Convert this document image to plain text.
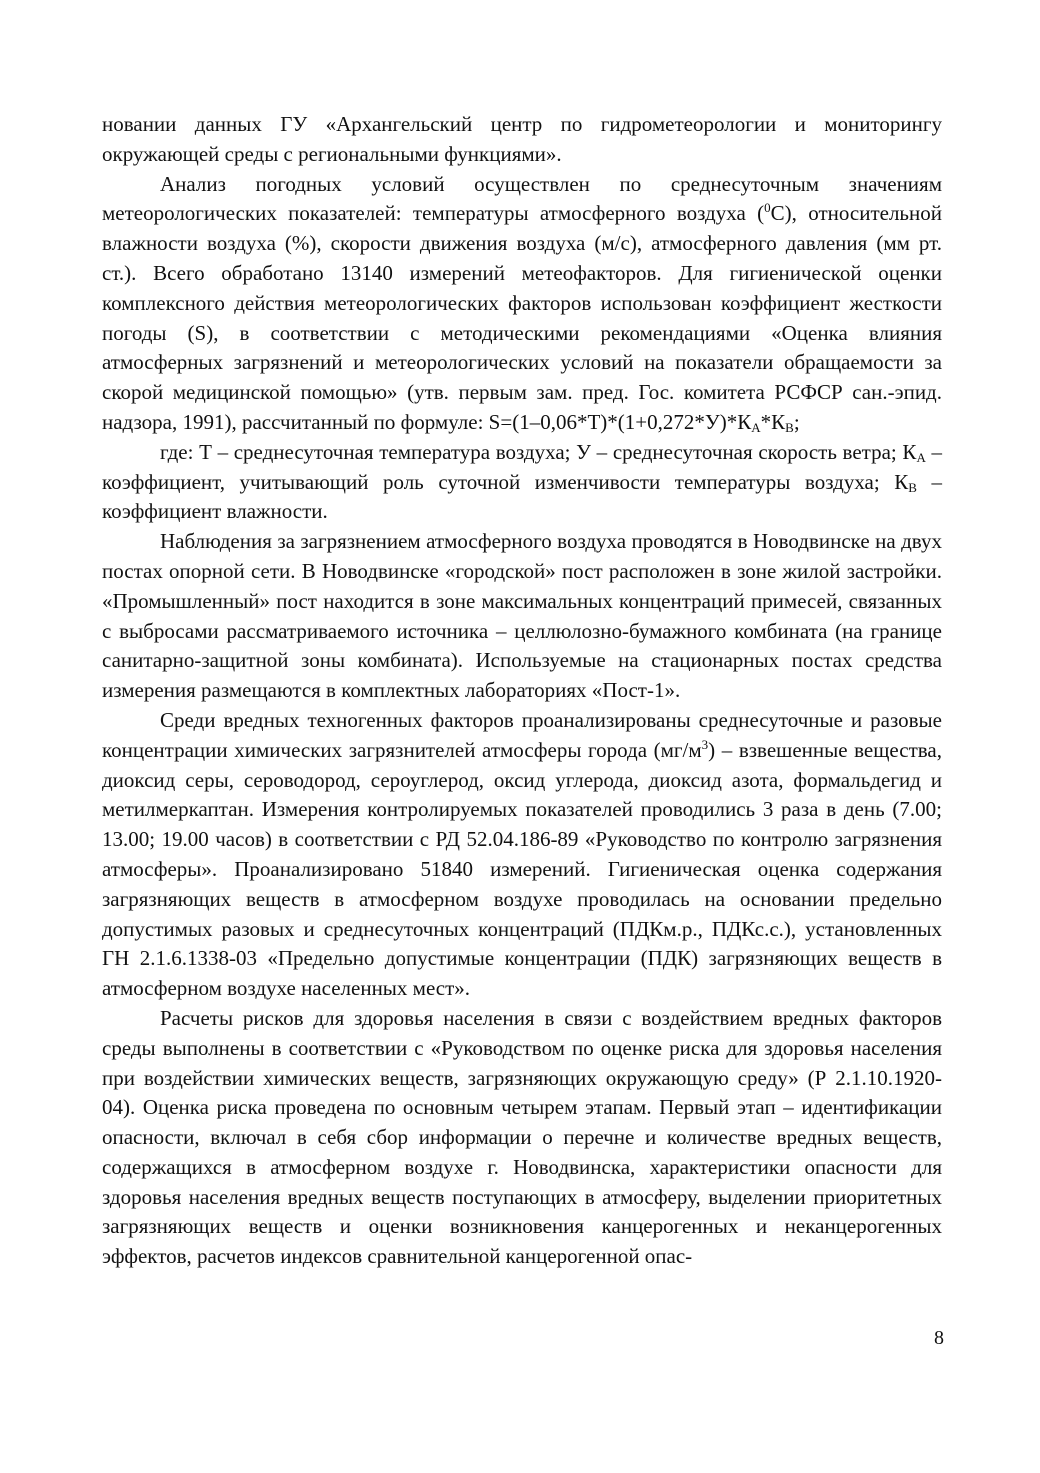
новании данных ГУ «Архангельский центр по гидрометеорологии и мониторингу окружающей среды с региональными функциями».

Анализ погодных условий осуществлен по среднесуточным значениям метеорологических показателей: температуры атмосферного воздуха ($^0$С), относительной влажности воздуха (%), скорости движения воздуха (м/с), атмосферного давления (мм рт. ст.). Всего обработано 13140 измерений метеофакторов. Для гигиенической оценки комплексного действия метеорологических факторов использован коэффициент жесткости погоды (S), в соответствии с методическими рекомендациями «Оценка влияния атмосферных загрязнений и метеорологических условий на показатели обращаемости за скорой медицинской помощью» (утв. первым зам. пред. Гос. комитета РСФСР сан.-эпид. надзора, 1991), рассчитанный по формуле: $S=(1-0,06*Т)*(1+0,272*У)*К_А*К_В$;

где: Т – среднесуточная температура воздуха; У – среднесуточная скорость ветра; $К_А$ – коэффициент, учитывающий роль суточной изменчивости температуры воздуха; $К_В$ – коэффициент влажности.

Наблюдения за загрязнением атмосферного воздуха проводятся в Новодвинске на двух постах опорной сети. В Новодвинске «городской» пост расположен в зоне жилой застройки. «Промышленный» пост находится в зоне максимальных концентраций примесей, связанных с выбросами рассматриваемого источника – целлюлозно-бумажного комбината (на границе санитарно-защитной зоны комбината). Используемые на стационарных постах средства измерения размещаются в комплектных лабораториях «Пост-1».

Среди вредных техногенных факторов проанализированы среднесуточные и разовые концентрации химических загрязнителей атмосферы города $(мг/м^3)$ – взвешенные вещества, диоксид серы, сероводород, сероуглерод, оксид углерода, диоксид азота, формальдегид и метилмеркаптан. Измерения контролируемых показателей проводились 3 раза в день (7.00; 13.00; 19.00 часов) в соответствии с РД 52.04.186-89 «Руководство по контролю загрязнения атмосферы». Проанализировано 51840 измерений. Гигиеническая оценка содержания загрязняющих веществ в атмосферном воздухе проводилась на основании предельно допустимых разовых и среднесуточных концентраций (ПДКм.р., ПДКс.с.), установленных ГН 2.1.6.1338-03 «Предельно допустимые концентрации (ПДК) загрязняющих веществ в атмосферном воздухе населенных мест».

Расчеты рисков для здоровья населения в связи с воздействием вредных факторов среды выполнены в соответствии с «Руководством по оценке риска для здоровья населения при воздействии химических веществ, загрязняющих окружающую среду» (Р 2.1.10.1920-04). Оценка риска проведена по основным четырем этапам. Первый этап – идентификации опасности, включал в себя сбор информации о перечне и количестве вредных веществ, содержащихся в атмосферном воздухе г. Новодвинска, характеристики опасности для здоровья населения вредных веществ поступающих в атмосферу, выделении приоритетных загрязняющих веществ и оценки возникновения канцерогенных и неканцерогенных эффектов, расчетов индексов сравнительной канцерогенной опас-

8
